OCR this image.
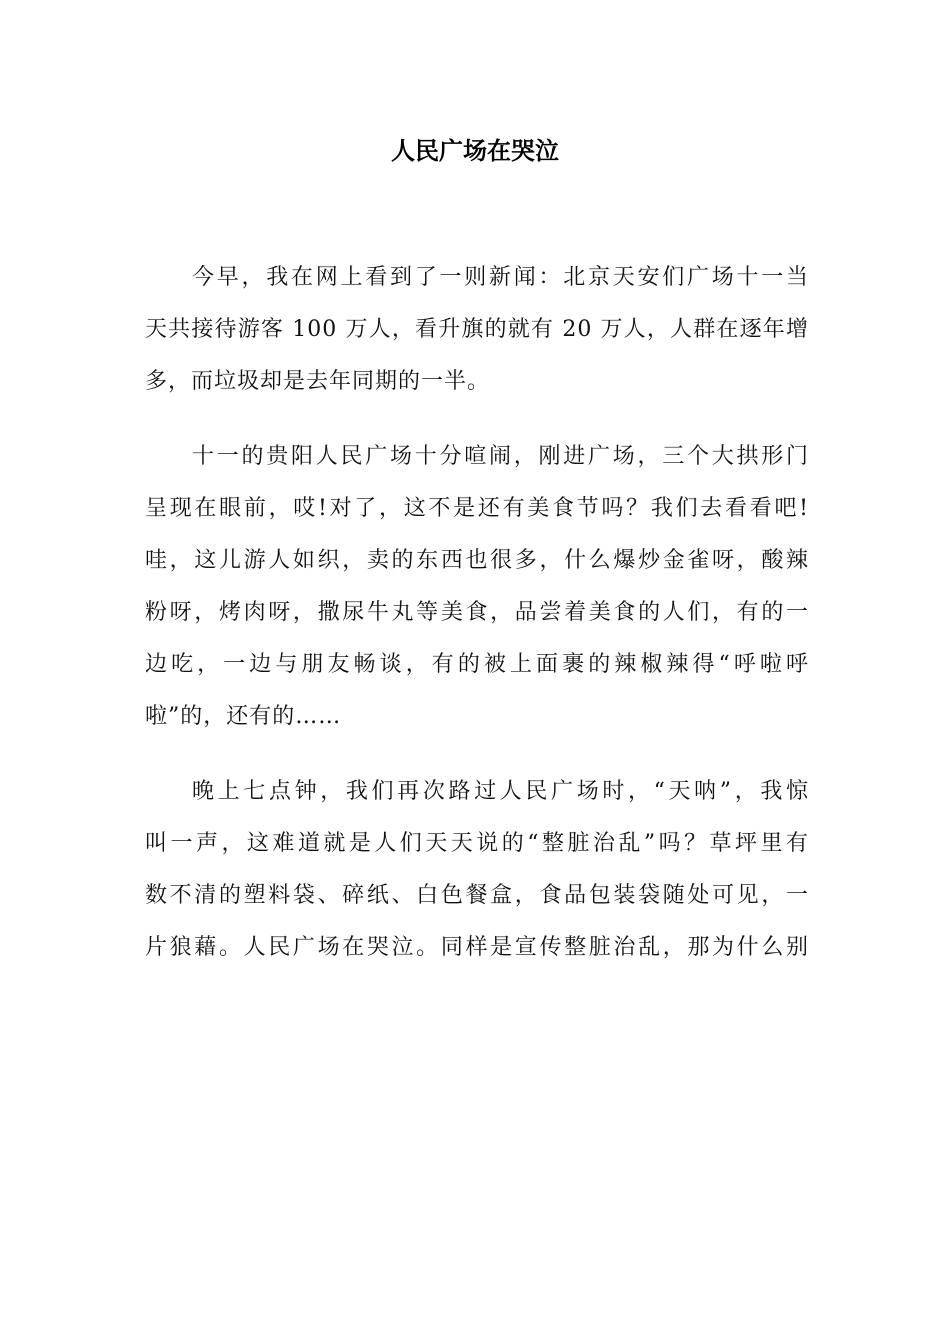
人民广场在哭泣
今早，我在网上看到了一则新闻：北京天安们广场十一当
天共接待游客 100 万人，看升旗的就有 20 万人，人群在逐年增
多，而垃圾却是去年同期的一半。
十一的贵阳人民广场十分喧闹，刚进广场，三个大拱形门
呈现在眼前，哎!对了，这不是还有美食节吗？我们去看看吧!
哇，这儿游人如织，卖的东西也很多，什么爆炒金雀呀，酸辣
粉呀，烤肉呀，撒尿牛丸等美食，品尝着美食的人们，有的一
边吃，一边与朋友畅谈，有的被上面裹的辣椒辣得“呼啦呼
啦”的，还有的……
晚上七点钟，我们再次路过人民广场时，“天呐”，我惊
叫一声，这难道就是人们天天说的“整脏治乱”吗？草坪里有
数不清的塑料袋、碎纸、白色餐盒，食品包装袋随处可见，一
片狼藉。人民广场在哭泣。同样是宣传整脏治乱，那为什么别
